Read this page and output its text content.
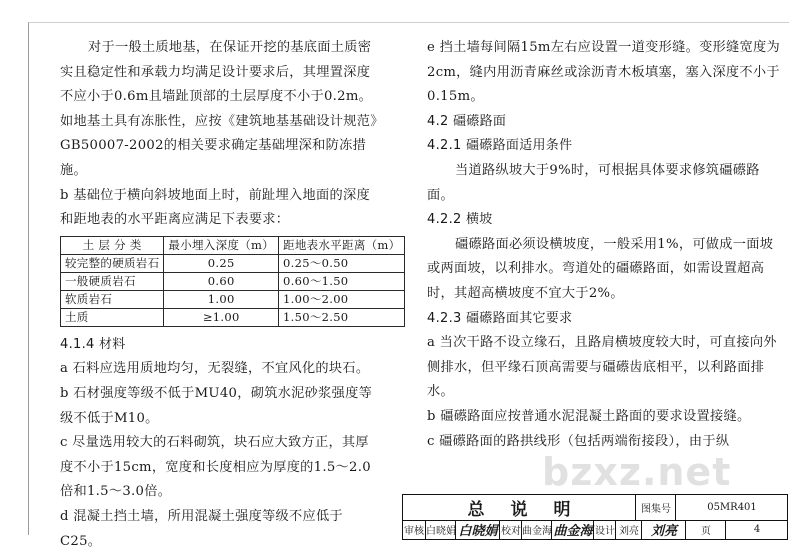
对于一般土质地基，在保证开挖的基底面土质密实且稳定性和承载力均满足设计要求后，其埋置深度不应小于0.6m且墙趾顶部的土层厚度不小于0.2m。如地基土具有冻胀性，应按《建筑地基基础设计规范》GB50007-2002的相关要求确定基础埋深和防冻措施。

b 基础位于横向斜坡地面上时，前趾埋入地面的深度和距地表的水平距离应满足下表要求：

土 层 分 类	最小埋入深度（m）	距地表水平距离（m）
较完整的硬质岩石	0.25	0.25～0.50
一般硬质岩石	0.60	0.60～1.50
软质岩石	1.00	1.00～2.00
土质	≥1.00	1.50～2.50

4.1.4 材料

a 石料应选用质地均匀，无裂缝，不宜风化的块石。

b 石材强度等级不低于MU40，砌筑水泥砂浆强度等级不低于M10。

c 尽量选用较大的石料砌筑，块石应大致方正，其厚度不小于15cm，宽度和长度相应为厚度的1.5～2.0倍和1.5～3.0倍。

d 混凝土挡土墙，所用混凝土强度等级不应低于C25。

e 挡土墙每间隔15m左右应设置一道变形缝。变形缝宽度为2cm，缝内用沥青麻丝或涂沥青木板填塞，塞入深度不小于0.15m。

4.2 礓礤路面

4.2.1 礓礤路面适用条件

当道路纵坡大于9%时，可根据具体要求修筑礓礤路面。

4.2.2 横坡

礓礤路面必须设横坡度，一般采用1%，可做成一面坡或两面坡，以利排水。弯道处的礓礤路面，如需设置超高时，其超高横坡度不宜大于2%。

4.2.3 礓礤路面其它要求

a 当次干路不设立缘石，且路肩横坡度较大时，可直接向外侧排水，但平缘石顶高需要与礓礤齿底相平，以利路面排水。

b 礓礤路面应按普通水泥混凝土路面的要求设置接缝。

c 礓礤路面的路拱线形（包括两端衔接段），由于纵

bzxz.net
总说明	图集号	05MR401
审核 白晓娟 白晓娟 校对 曲金海 曲金海 设计 刘亮 刘亮	页	4
